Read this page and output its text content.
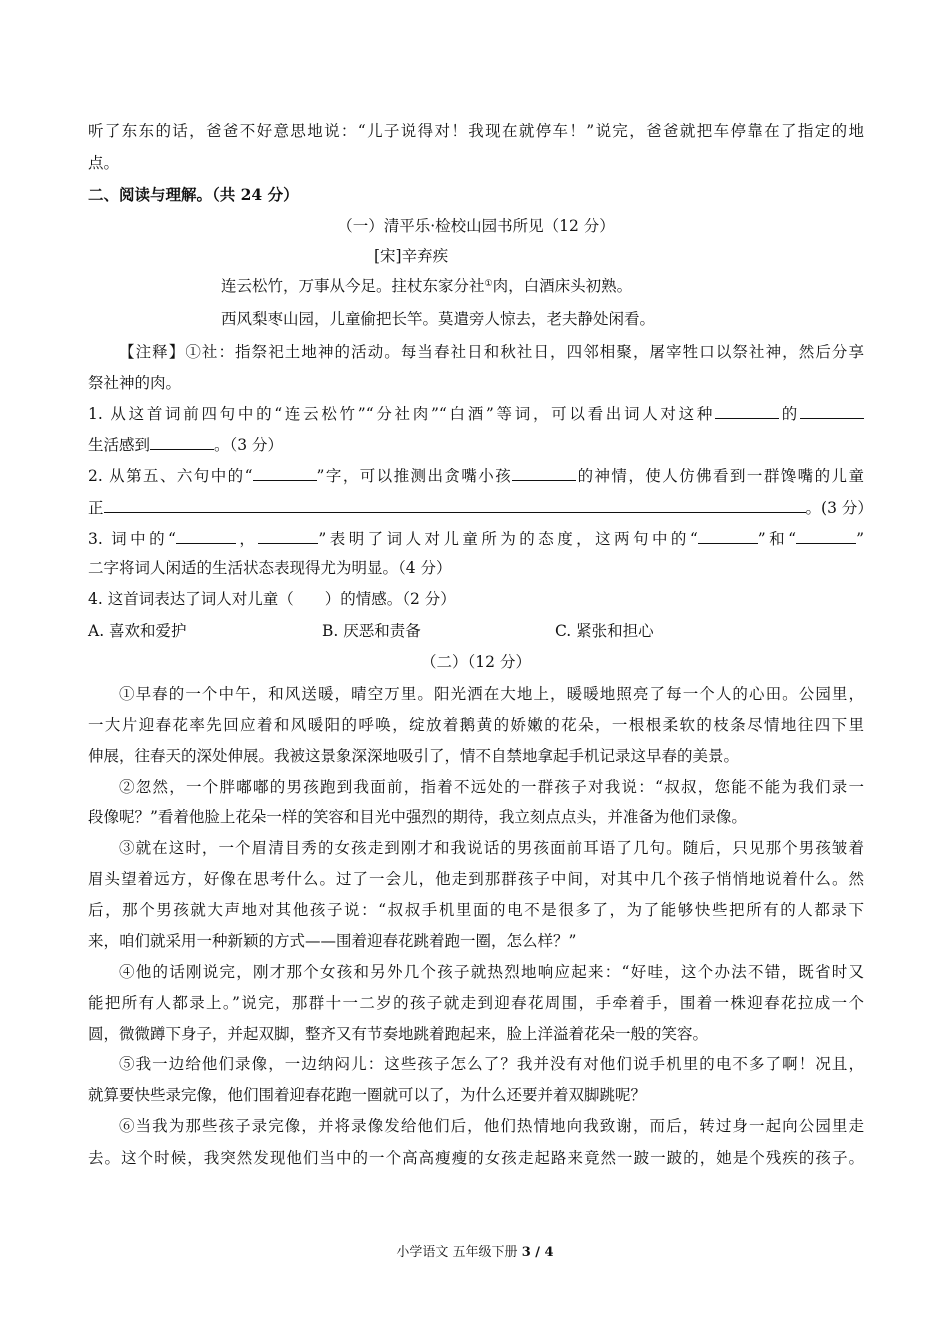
听了东东的话，爸爸不好意思地说：“儿子说得对！我现在就停车！”说完，爸爸就把车停靠在了指定的地
点。
二、阅读与理解。（共 24 分）
（一）清平乐·检校山园书所见（12 分）
[宋]辛弃疾
连云松竹，万事从今足。拄杖东家分社①肉，白酒床头初熟。
西风梨枣山园，儿童偷把长竿。莫遣旁人惊去，老夫静处闲看。
【注释】①社：指祭祀土地神的活动。每当春社日和秋社日，四邻相聚，屠宰牲口以祭社神，然后分享
祭社神的肉。
1. 从这首词前四句中的“连云松竹”“分社肉”“白酒”等词，可以看出词人对这种	的
生活感到	。（3 分）
2. 从第五、六句中的“	”字，可以推测出贪嘴小孩	的神情，使人仿佛看到一群馋嘴的儿童
正	。(3 分）
3. 词中的“	，	”表明了词人对儿童所为的态度，这两句中的“	”和“	”
二字将词人闲适的生活状态表现得尤为明显。（4 分）
4. 这首词表达了词人对儿童（　　）的情感。（2 分）
A. 喜欢和爱护	B. 厌恶和责备	C. 紧张和担心
（二）（12 分）
①早春的一个中午，和风送暖，晴空万里。阳光洒在大地上，暖暖地照亮了每一个人的心田。公园里，
一大片迎春花率先回应着和风暖阳的呼唤，绽放着鹅黄的娇嫩的花朵，一根根柔软的枝条尽情地往四下里
伸展，往春天的深处伸展。我被这景象深深地吸引了，情不自禁地拿起手机记录这早春的美景。
②忽然，一个胖嘟嘟的男孩跑到我面前，指着不远处的一群孩子对我说：“叔叔，您能不能为我们录一
段像呢？”看着他脸上花朵一样的笑容和目光中强烈的期待，我立刻点点头，并准备为他们录像。
③就在这时，一个眉清目秀的女孩走到刚才和我说话的男孩面前耳语了几句。随后，只见那个男孩皱着
眉头望着远方，好像在思考什么。过了一会儿，他走到那群孩子中间，对其中几个孩子悄悄地说着什么。然
后，那个男孩就大声地对其他孩子说：“叔叔手机里面的电不是很多了，为了能够快些把所有的人都录下
来，咱们就采用一种新颖的方式——围着迎春花跳着跑一圈，怎么样？”
④他的话刚说完，刚才那个女孩和另外几个孩子就热烈地响应起来：“好哇，这个办法不错，既省时又
能把所有人都录上。”说完，那群十一二岁的孩子就走到迎春花周围，手牵着手，围着一株迎春花拉成一个
圆，微微蹲下身子，并起双脚，整齐又有节奏地跳着跑起来，脸上洋溢着花朵一般的笑容。
⑤我一边给他们录像，一边纳闷儿：这些孩子怎么了？我并没有对他们说手机里的电不多了啊！况且，
就算要快些录完像，他们围着迎春花跑一圈就可以了，为什么还要并着双脚跳呢？
⑥当我为那些孩子录完像，并将录像发给他们后，他们热情地向我致谢，而后，转过身一起向公园里走
去。这个时候，我突然发现他们当中的一个高高瘦瘦的女孩走起路来竟然一跛一跛的，她是个残疾的孩子。
小学语文 五年级下册 3 / 4
